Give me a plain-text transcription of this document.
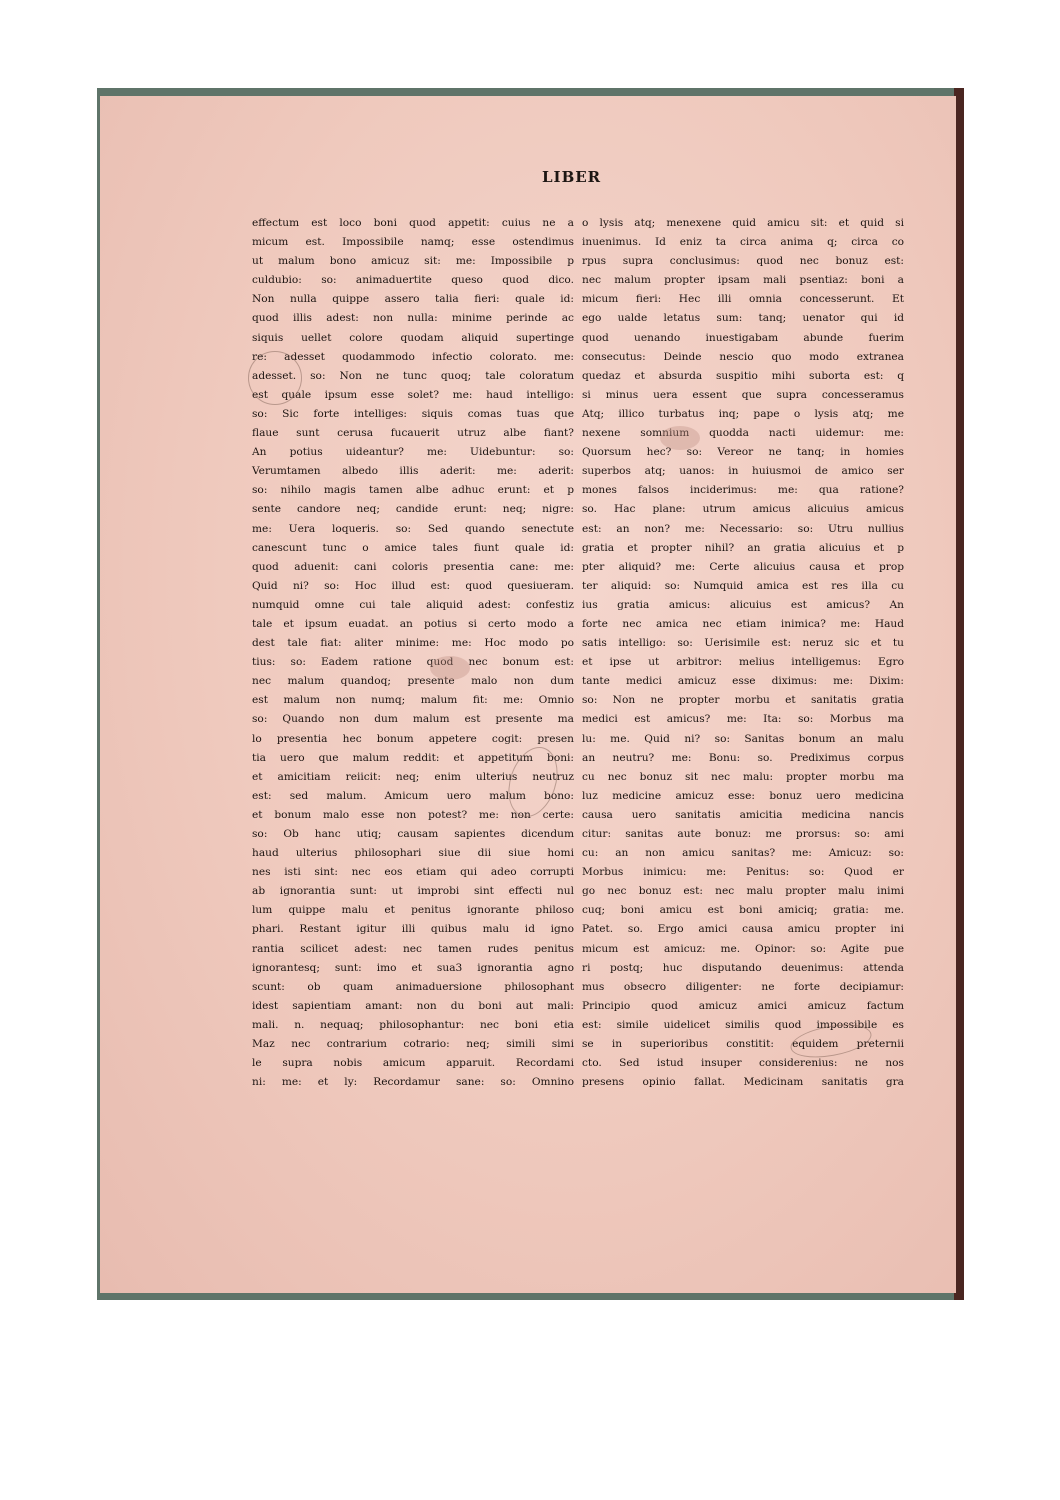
LIBER
effectum est loco boni quod appetit: cuius ne a
micum est. Impossibile namq; esse ostendimus
ut malum bono amicuz sit: me: Impossibile p
culdubio: so: animaduertite queso quod dico.
Non nulla quippe assero talia fieri: quale id:
quod illis adest: non nulla: minime perinde ac
siquis uellet colore quodam aliquid supertinge
re: adesset quodammodo infectio colorato. me:
adesset. so: Non ne tunc quoq; tale coloratum
est quale ipsum esse solet? me: haud intelligo:
so: Sic forte intelliges: siquis comas tuas que
flaue sunt cerusa fucauerit utruz albe fiant?
An potius uideantur? me: Uidebuntur: so:
Verumtamen albedo illis aderit: me: aderit:
so: nihilo magis tamen albe adhuc erunt: et p
sente candore neq; candide erunt: neq; nigre:
me: Uera loqueris. so: Sed quando senectute
canescunt tunc o amice tales fiunt quale id:
quod aduenit: cani coloris presentia cane: me:
Quid ni? so: Hoc illud est: quod quesiueram.
numquid omne cui tale aliquid adest: confestiz
tale et ipsum euadat. an potius si certo modo a
dest tale fiat: aliter minime: me: Hoc modo po
tius: so: Eadem ratione quod nec bonum est:
nec malum quandoq; presente malo non dum
est malum non numq; malum fit: me: Omnio
so: Quando non dum malum est presente ma
lo presentia hec bonum appetere cogit: presen
tia uero que malum reddit: et appetitum boni:
et amicitiam reiicit: neq; enim ulterius neutruz
est: sed malum. Amicum uero malum bono:
et bonum malo esse non potest? me: non certe:
so: Ob hanc utiq; causam sapientes dicendum
haud ulterius philosophari siue dii siue homi
nes isti sint: nec eos etiam qui adeo corrupti
ab ignorantia sunt: ut improbi sint effecti nul
lum quippe malu et penitus ignorante philoso
phari. Restant igitur illi quibus malu id igno
rantia scilicet adest: nec tamen rudes penitus
ignorantesq; sunt: imo et sua3 ignorantia agno
scunt: ob quam animaduersione philosophant
idest sapientiam amant: non du boni aut mali:
mali. n. nequaq; philosophantur: nec boni etia
Maz nec contrarium cotrario: neq; simili simi
le supra nobis amicum apparuit. Recordami
ni: me: et ly: Recordamur sane: so: Omnino
o lysis atq; menexene quid amicu sit: et quid si
inuenimus. Id eniz ta circa anima q; circa co
rpus supra conclusimus: quod nec bonuz est:
nec malum propter ipsam mali psentiaz: boni a
micum fieri: Hec illi omnia concesserunt. Et
ego ualde letatus sum: tanq; uenator qui id
quod uenando inuestigabam abunde fuerim
consecutus: Deinde nescio quo modo extranea
quedaz et absurda suspitio mihi suborta est: q
si minus uera essent que supra concesseramus
Atq; illico turbatus inq; pape o lysis atq; me
nexene somnium quodda nacti uidemur: me:
Quorsum hec? so: Vereor ne tanq; in homies
superbos atq; uanos: in huiusmoi de amico ser
mones falsos inciderimus: me: qua ratione?
so. Hac plane: utrum amicus alicuius amicus
est: an non? me: Necessario: so: Utru nullius
gratia et propter nihil? an gratia alicuius et p
pter aliquid? me: Certe alicuius causa et prop
ter aliquid: so: Numquid amica est res illa cu
ius gratia amicus: alicuius est amicus? An
forte nec amica nec etiam inimica? me: Haud
satis intelligo: so: Uerisimile est: neruz sic et tu
et ipse ut arbitror: melius intelligemus: Egro
tante medici amicuz esse diximus: me: Dixim:
so: Non ne propter morbu et sanitatis gratia
medici est amicus? me: Ita: so: Morbus ma
lu: me. Quid ni? so: Sanitas bonum an malu
an neutru? me: Bonu: so. Prediximus corpus
cu nec bonuz sit nec malu: propter morbu ma
luz medicine amicuz esse: bonuz uero medicina
causa uero sanitatis amicitia medicina nancis
citur: sanitas aute bonuz: me prorsus: so: ami
cu: an non amicu sanitas? me: Amicuz: so:
Morbus inimicu: me: Penitus: so: Quod er
go nec bonuz est: nec malu propter malu inimi
cuq; boni amicu est boni amiciq; gratia: me.
Patet. so. Ergo amici causa amicu propter ini
micum est amicuz: me. Opinor: so: Agite pue
ri postq; huc disputando deuenimus: attenda
mus obsecro diligenter: ne forte decipiamur:
Principio quod amicuz amici amicuz factum
est: simile uidelicet similis quod impossibile es
se in superioribus constitit: equidem preternii
cto. Sed istud insuper considerenius: ne nos
presens opinio fallat. Medicinam sanitatis gra
